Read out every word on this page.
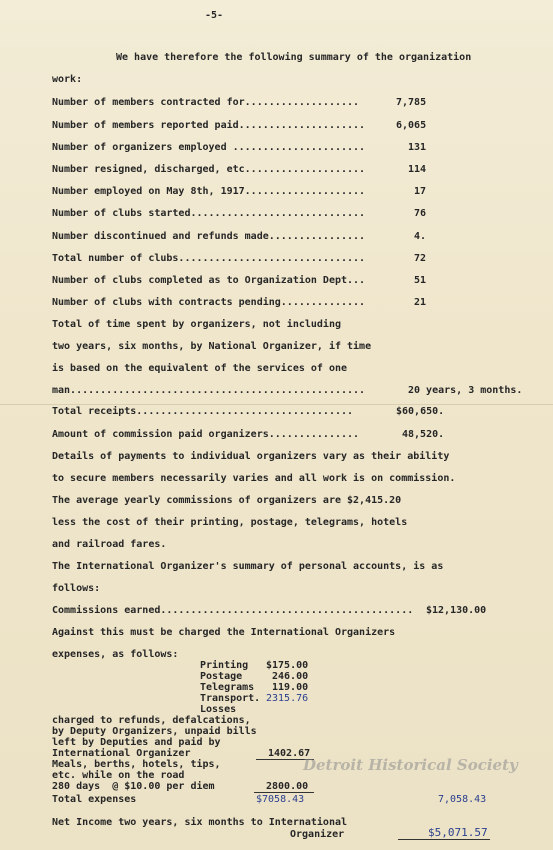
-5-
We have therefore the following summary of the organization
work:
Number of members contracted for...................	7,785
Number of members reported paid.....................	6,065
Number of organizers employed ......................	131
Number resigned, discharged, etc....................	114
Number employed on May 8th, 1917....................	17
Number of clubs started.............................	76
Number discontinued and refunds made................	4.
Total number of clubs...............................	72
Number of clubs completed as to Organization Dept...	51
Number of clubs with contracts pending..............	21
Total of time spent by organizers, not including
two years, six months, by National Organizer, if time
is based on the equivalent of the services of one
man.................................................	20 years, 3 months.
Total receipts....................................	$60,650.
Amount of commission paid organizers...............	48,520.
Details of payments to individual organizers vary as their ability
to secure members necessarily varies and all work is on commission.
The average yearly commissions of organizers are $2,415.20
less the cost of their printing, postage, telegrams, hotels
and railroad fares.
The International Organizer's summary of personal accounts, is as
follows:
Commissions earned.......................................... $12,130.00
Against this must be charged the International Organizers
expenses, as follows:
Printing $175.00
Postage	246.00
Telegrams 119.00
Transport. 2315.76
Losses
charged to refunds, defalcations,
by Deputy Organizers, unpaid bills
left by Deputies and paid by
International Organizer	1402.67
Meals, berths, hotels, tips,
etc. while on the road
280 days  @ $10.00 per diem	2800.00
Total expenses	$7058.43	7,058.43
Net Income two years, six months to International
Organizer	$5,071.57
Detroit Historical Society
